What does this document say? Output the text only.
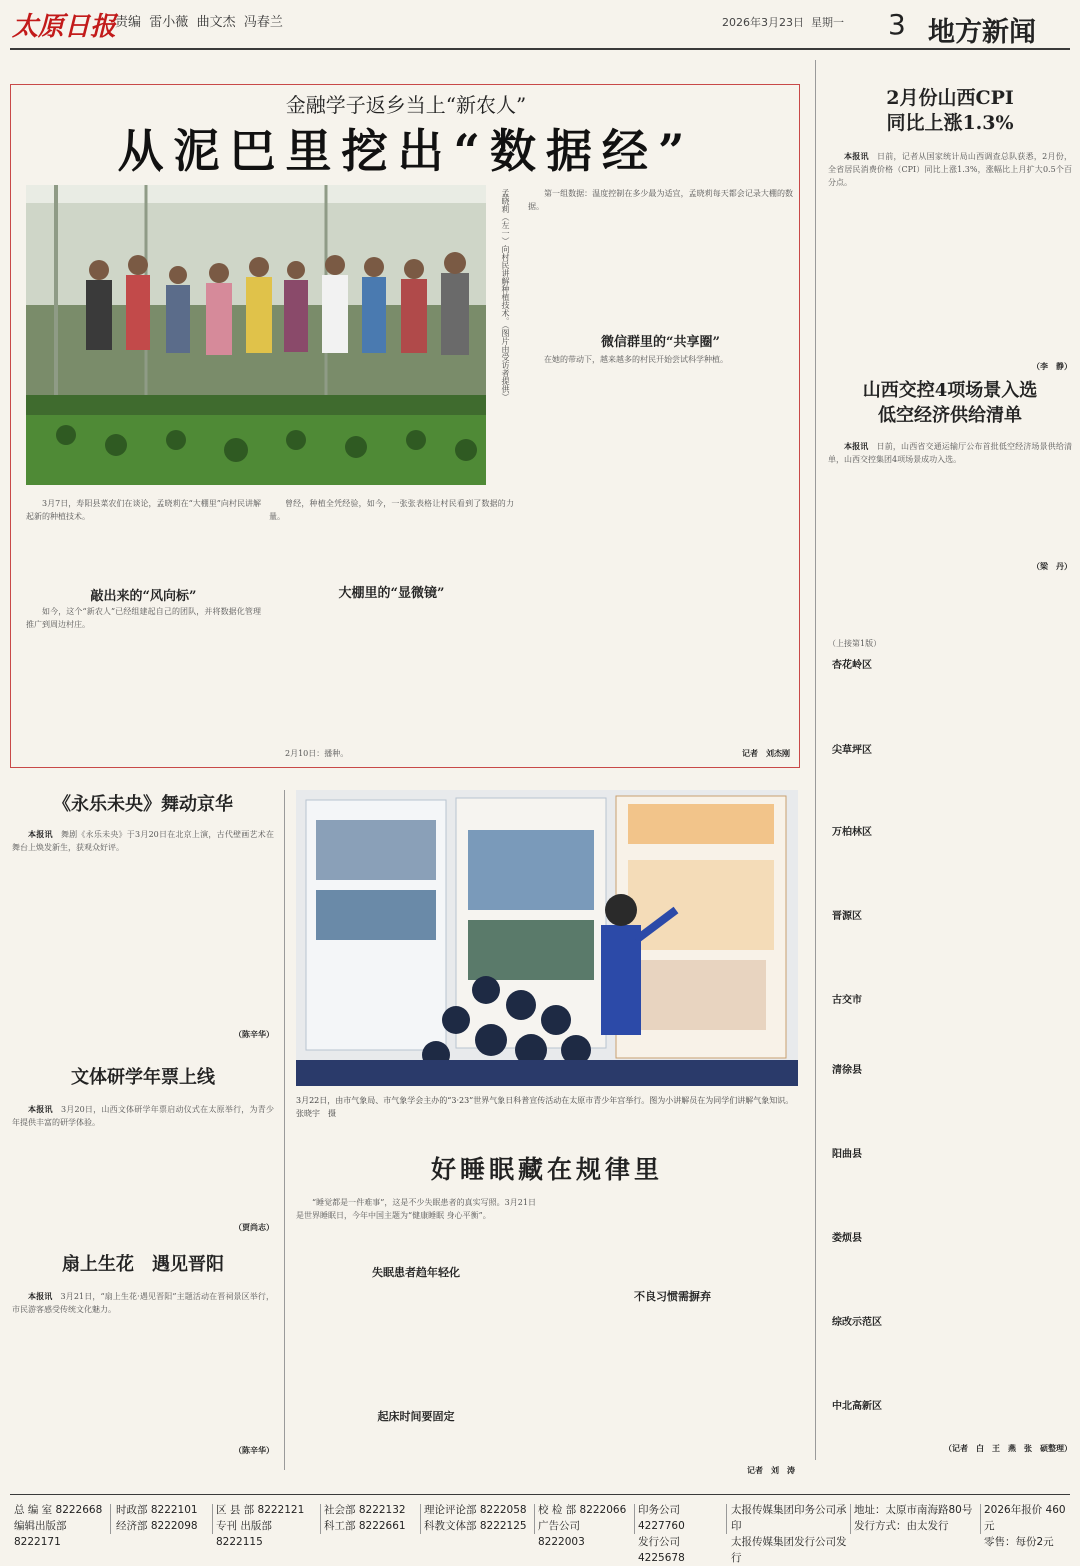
太原日报
责编 雷小薇 曲文杰 冯春兰	2026年3月23日 星期一 3 地方新闻
金融学子返乡当上“新农人”
从泥巴里挖出“数据经”
孟晓莉（左一）向村民讲解种植技术。（图片由受访者提供）	第一组数据：温度控制在多少最为适宜，孟晓莉每天都会记录大棚的数据。

微信群里的“共享圈”

在她的带动下，越来越多的村民开始尝试科学种植。

记者　刘杰刚

3月7日，寿阳县菜农们在谈论，孟晓莉在“大棚里”向村民讲解起新的种植技术。

敲出来的“风向标”

如今，这个“新农人”已经组建起自己的团队，并将数据化管理推广到周边村庄。

曾经，种植全凭经验，如今，一张张表格让村民看到了数据的力量。

大棚里的“显微镜”

2月10日：播种。

2月份山西CPI
同比上涨1.3%

本报讯　 日前，记者从国家统计局山西调查总队获悉，2月份，全省居民消费价格（CPI）同比上涨1.3%，涨幅比上月扩大0.5个百分点。

（李　静）
山西交控4项场景入选
低空经济供给清单

本报讯　 日前，山西省交通运输厅公布首批低空经济场景供给清单，山西交控集团4项场景成功入选。

（梁　丹）
（上接第1版）
杏花岭区
尖草坪区
万柏林区
晋源区
古交市
清徐县
阳曲县
娄烦县
综改示范区
中北高新区
（记者　白　王　燕　张　硕整理）
《永乐未央》舞动京华

本报讯　 舞剧《永乐未央》于3月20日在北京上演，古代壁画艺术在舞台上焕发新生，获观众好评。

（陈辛华）
文体研学年票上线

本报讯　 3月20日，山西文体研学年票启动仪式在太原举行，为青少年提供丰富的研学体验。

（贾尚志）
扇上生花　遇见晋阳

本报讯　 3月21日，“扇上生花·遇见晋阳”主题活动在晋祠景区举行，市民游客感受传统文化魅力。

（陈辛华）
3月22日，由市气象局、市气象学会主办的“3·23”世界气象日科普宣传活动在太原市青少年宫举行。图为小讲解员在为同学们讲解气象知识。　张晓宇　摄
好睡眠藏在规律里

“睡觉都是一件难事”，这是不少失眠患者的真实写照。3月21日是世界睡眠日，今年中国主题为“健康睡眠 身心平衡”。

失眠患者趋年轻化
起床时间要固定
不良习惯需摒弃
记者　刘　涛
总 编 室 8222668
编辑出版部 8222171
时政部 8222101
经济部 8222098
区 县 部 8222121
专刊 出版部 8222115
社会部 8222132
科工部 8222661
理论评论部 8222058
科教文体部 8222125
校 检 部 8222066
广告公司 8222003
印务公司 4227760
发行公司 4225678
太报传媒集团印务公司承印
太报传媒集团发行公司发行
地址：太原市南海路80号
发行方式：由太发行
2026年报价 460元
零售：每份2元
